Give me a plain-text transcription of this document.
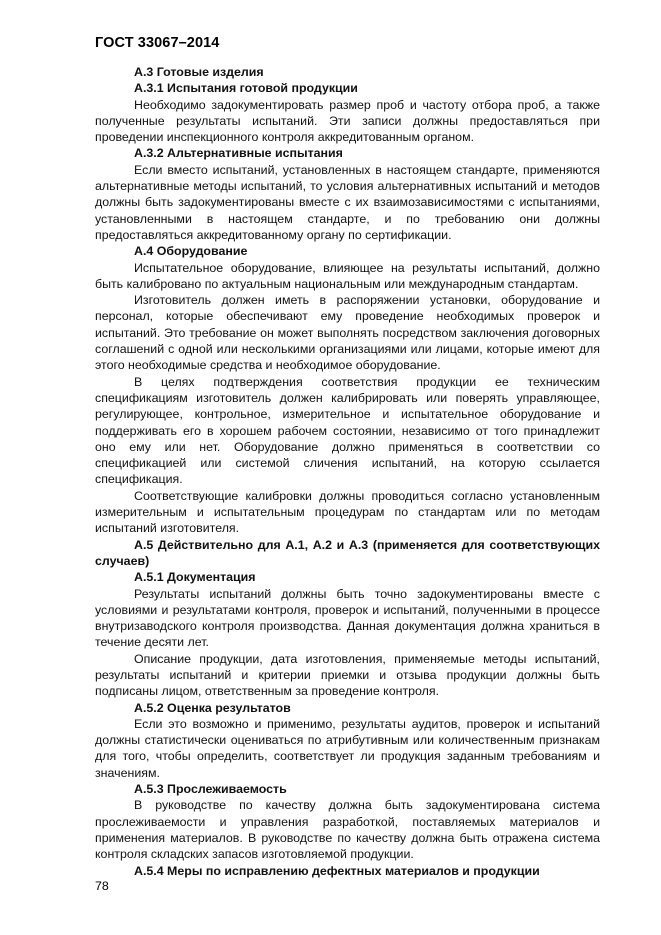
ГОСТ 33067–2014
А.3 Готовые изделия
А.3.1 Испытания готовой продукции

Необходимо задокументировать размер проб и частоту отбора проб, а также полученные результаты испытаний. Эти записи должны предоставляться при проведении инспекционного контроля аккредитованным органом.

А.3.2 Альтернативные испытания

Если вместо испытаний, установленных в настоящем стандарте, применяются альтернативные методы испытаний, то условия альтернативных испытаний и методов должны быть задокументированы вместе с их взаимозависимостями с испытаниями, установленными в настоящем стандарте, и по требованию они должны предоставляться аккредитованному органу по сертификации.

А.4 Оборудование

Испытательное оборудование, влияющее на результаты испытаний, должно быть калибровано по актуальным национальным или международным стандартам.

Изготовитель должен иметь в распоряжении установки, оборудование и персонал, которые обеспечивают ему проведение необходимых проверок и испытаний. Это требование он может выполнять посредством заключения договорных соглашений с одной или несколькими организациями или лицами, которые имеют для этого необходимые средства и необходимое оборудование.

В целях подтверждения соответствия продукции ее техническим спецификациям изготовитель должен калибрировать или поверять управляющее, регулирующее, контрольное, измерительное и испытательное оборудование и поддерживать его в хорошем рабочем состоянии, независимо от того принадлежит оно ему или нет. Оборудование должно применяться в соответствии со спецификацией или системой сличения испытаний, на которую ссылается спецификация.

Соответствующие калибровки должны проводиться согласно установленным измерительным и испытательным процедурам по стандартам или по методам испытаний изготовителя.

А.5 Действительно для А.1, А.2 и А.3 (применяется для соответствующих случаев)
А.5.1 Документация

Результаты испытаний должны быть точно задокументированы вместе с условиями и результатами контроля, проверок и испытаний, полученными в процессе внутризаводского контроля производства. Данная документация должна храниться в течение десяти лет.

Описание продукции, дата изготовления, применяемые методы испытаний, результаты испытаний и критерии приемки и отзыва продукции должны быть подписаны лицом, ответственным за проведение контроля.

А.5.2 Оценка результатов

Если это возможно и применимо, результаты аудитов, проверок и испытаний должны статистически оцениваться по атрибутивным или количественным признакам для того, чтобы определить, соответствует ли продукция заданным требованиям и значениям.

А.5.3 Прослеживаемость

В руководстве по качеству должна быть задокументирована система прослеживаемости и управления разработкой, поставляемых материалов и применения материалов. В руководстве по качеству должна быть отражена система контроля складских запасов изготовляемой продукции.

А.5.4 Меры по исправлению дефектных материалов и продукции
78
